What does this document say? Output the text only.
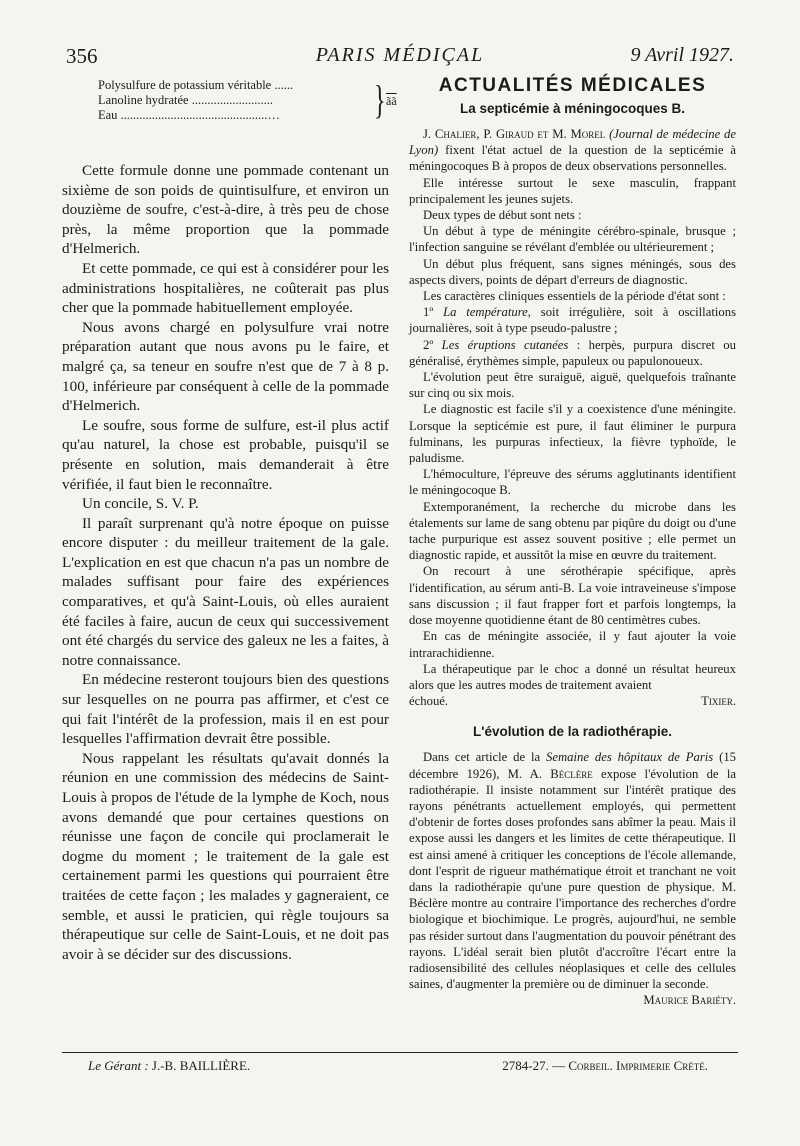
356	PARIS MÉDIÇAL	9 Avril 1927.
Polysulfure de potassium véritable ......
Lanoline hydratée ..........................
Eau ...............................................…	} $\overline{ãã}$

Cette formule donne une pommade contenant un sixième de son poids de quintisulfure, et environ un douzième de soufre, c'est-à-dire, à très peu de chose près, la même proportion que la pommade d'Helmerich.

Et cette pommade, ce qui est à considérer pour les administrations hospitalières, ne coûterait pas plus cher que la pommade habituellement employée.

Nous avons chargé en polysulfure vrai notre préparation autant que nous avons pu le faire, et malgré ça, sa teneur en soufre n'est que de 7 à 8 p. 100, inférieure par conséquent à celle de la pommade d'Helmerich.

Le soufre, sous forme de sulfure, est-il plus actif qu'au naturel, la chose est probable, puisqu'il se présente en solution, mais demanderait à être vérifiée, il faut bien le reconnaître.

Un concile, S. V. P.

Il paraît surprenant qu'à notre époque on puisse encore disputer : du meilleur traitement de la gale. L'explication en est que chacun n'a pas un nombre de malades suffisant pour faire des expériences comparatives, et qu'à Saint-Louis, où elles auraient été faciles à faire, aucun de ceux qui successivement ont été chargés du service des galeux ne les a faites, à notre connaissance.

En médecine resteront toujours bien des questions sur lesquelles on ne pourra pas affirmer, et c'est ce qui fait l'intérêt de la profession, mais il en est pour lesquelles l'affirmation devrait être possible.

Nous rappelant les résultats qu'avait donnés la réunion en une commission des médecins de Saint-Louis à propos de l'étude de la lymphe de Koch, nous avons demandé que pour certaines questions on réunisse une façon de concile qui proclamerait le dogme du moment ; le traitement de la gale est certainement parmi les questions qui pourraient être traitées de cette façon ; les malades y gagneraient, ce semble, et aussi le praticien, qui règle toujours sa thérapeutique sur celle de Saint-Louis, et ne doit pas avoir à se décider sur des discussions.

ACTUALITÉS MÉDICALES
La septicémie à méningocoques B.

J. Chalier, P. Giraud et M. Morel (Journal de médecine de Lyon) fixent l'état actuel de la question de la septicémie à méningocoques B à propos de deux observations personnelles.

Elle intéresse surtout le sexe masculin, frappant principalement les jeunes sujets.

Deux types de début sont nets :

Un début à type de méningite cérébro-spinale, brusque ; l'infection sanguine se révélant d'emblée ou ultérieurement ;

Un début plus fréquent, sans signes méningés, sous des aspects divers, points de départ d'erreurs de diagnostic.

Les caractères cliniques essentiels de la période d'état sont :

1º La température, soit irrégulière, soit à oscillations journalières, soit à type pseudo-palustre ;

2º Les éruptions cutanées : herpès, purpura discret ou généralisé, érythèmes simple, papuleux ou papulonoueux.

L'évolution peut être suraiguë, aiguë, quelquefois traînante sur cinq ou six mois.

Le diagnostic est facile s'il y a coexistence d'une méningite. Lorsque la septicémie est pure, il faut éliminer le purpura fulminans, les purpuras infectieux, la fièvre typhoïde, le paludisme.

L'hémoculture, l'épreuve des sérums agglutinants identifient le méningocoque B.

Extemporanément, la recherche du microbe dans les étalements sur lame de sang obtenu par piqûre du doigt ou d'une tache purpurique est assez souvent positive ; elle permet un diagnostic rapide, et aussitôt la mise en œuvre du traitement.

On recourt à une sérothérapie spécifique, après l'identification, au sérum anti-B. La voie intraveineuse s'impose sans discussion ; il faut frapper fort et parfois longtemps, la dose moyenne quotidienne étant de 80 centimètres cubes.

En cas de méningite associée, il y faut ajouter la voie intrarachidienne.

La thérapeutique par le choc a donné un résultat heureux alors que les autres modes de traitement avaient

échoué.	Tixier.
L'évolution de la radiothérapie.

Dans cet article de la Semaine des hôpitaux de Paris (15 décembre 1926), M. A. Béclère expose l'évolution de la radiothérapie. Il insiste notamment sur l'intérêt pratique des rayons pénétrants actuellement employés, qui permettent d'obtenir de fortes doses profondes sans abîmer la peau. Mais il expose aussi les dangers et les limites de cette thérapeutique. Il est ainsi amené à critiquer les conceptions de l'école allemande, dont l'esprit de rigueur mathématique étroit et tranchant ne voit dans la radiothérapie qu'une pure question de physique. M. Béclère montre au contraire l'importance des recherches d'ordre biologique et biochimique. Le progrès, aujourd'hui, ne semble pas résider surtout dans l'augmentation du pouvoir pénétrant des rayons. L'idéal serait bien plutôt d'accroître l'écart entre la radiosensibilité des cellules néoplasiques et celle des cellules saines, d'augmenter la première ou de diminuer la seconde.

Maurice Bariéty.
Le Gérant : J.-B. BAILLIÈRE.	2784-27. — Corbeil. Imprimerie Crété.
